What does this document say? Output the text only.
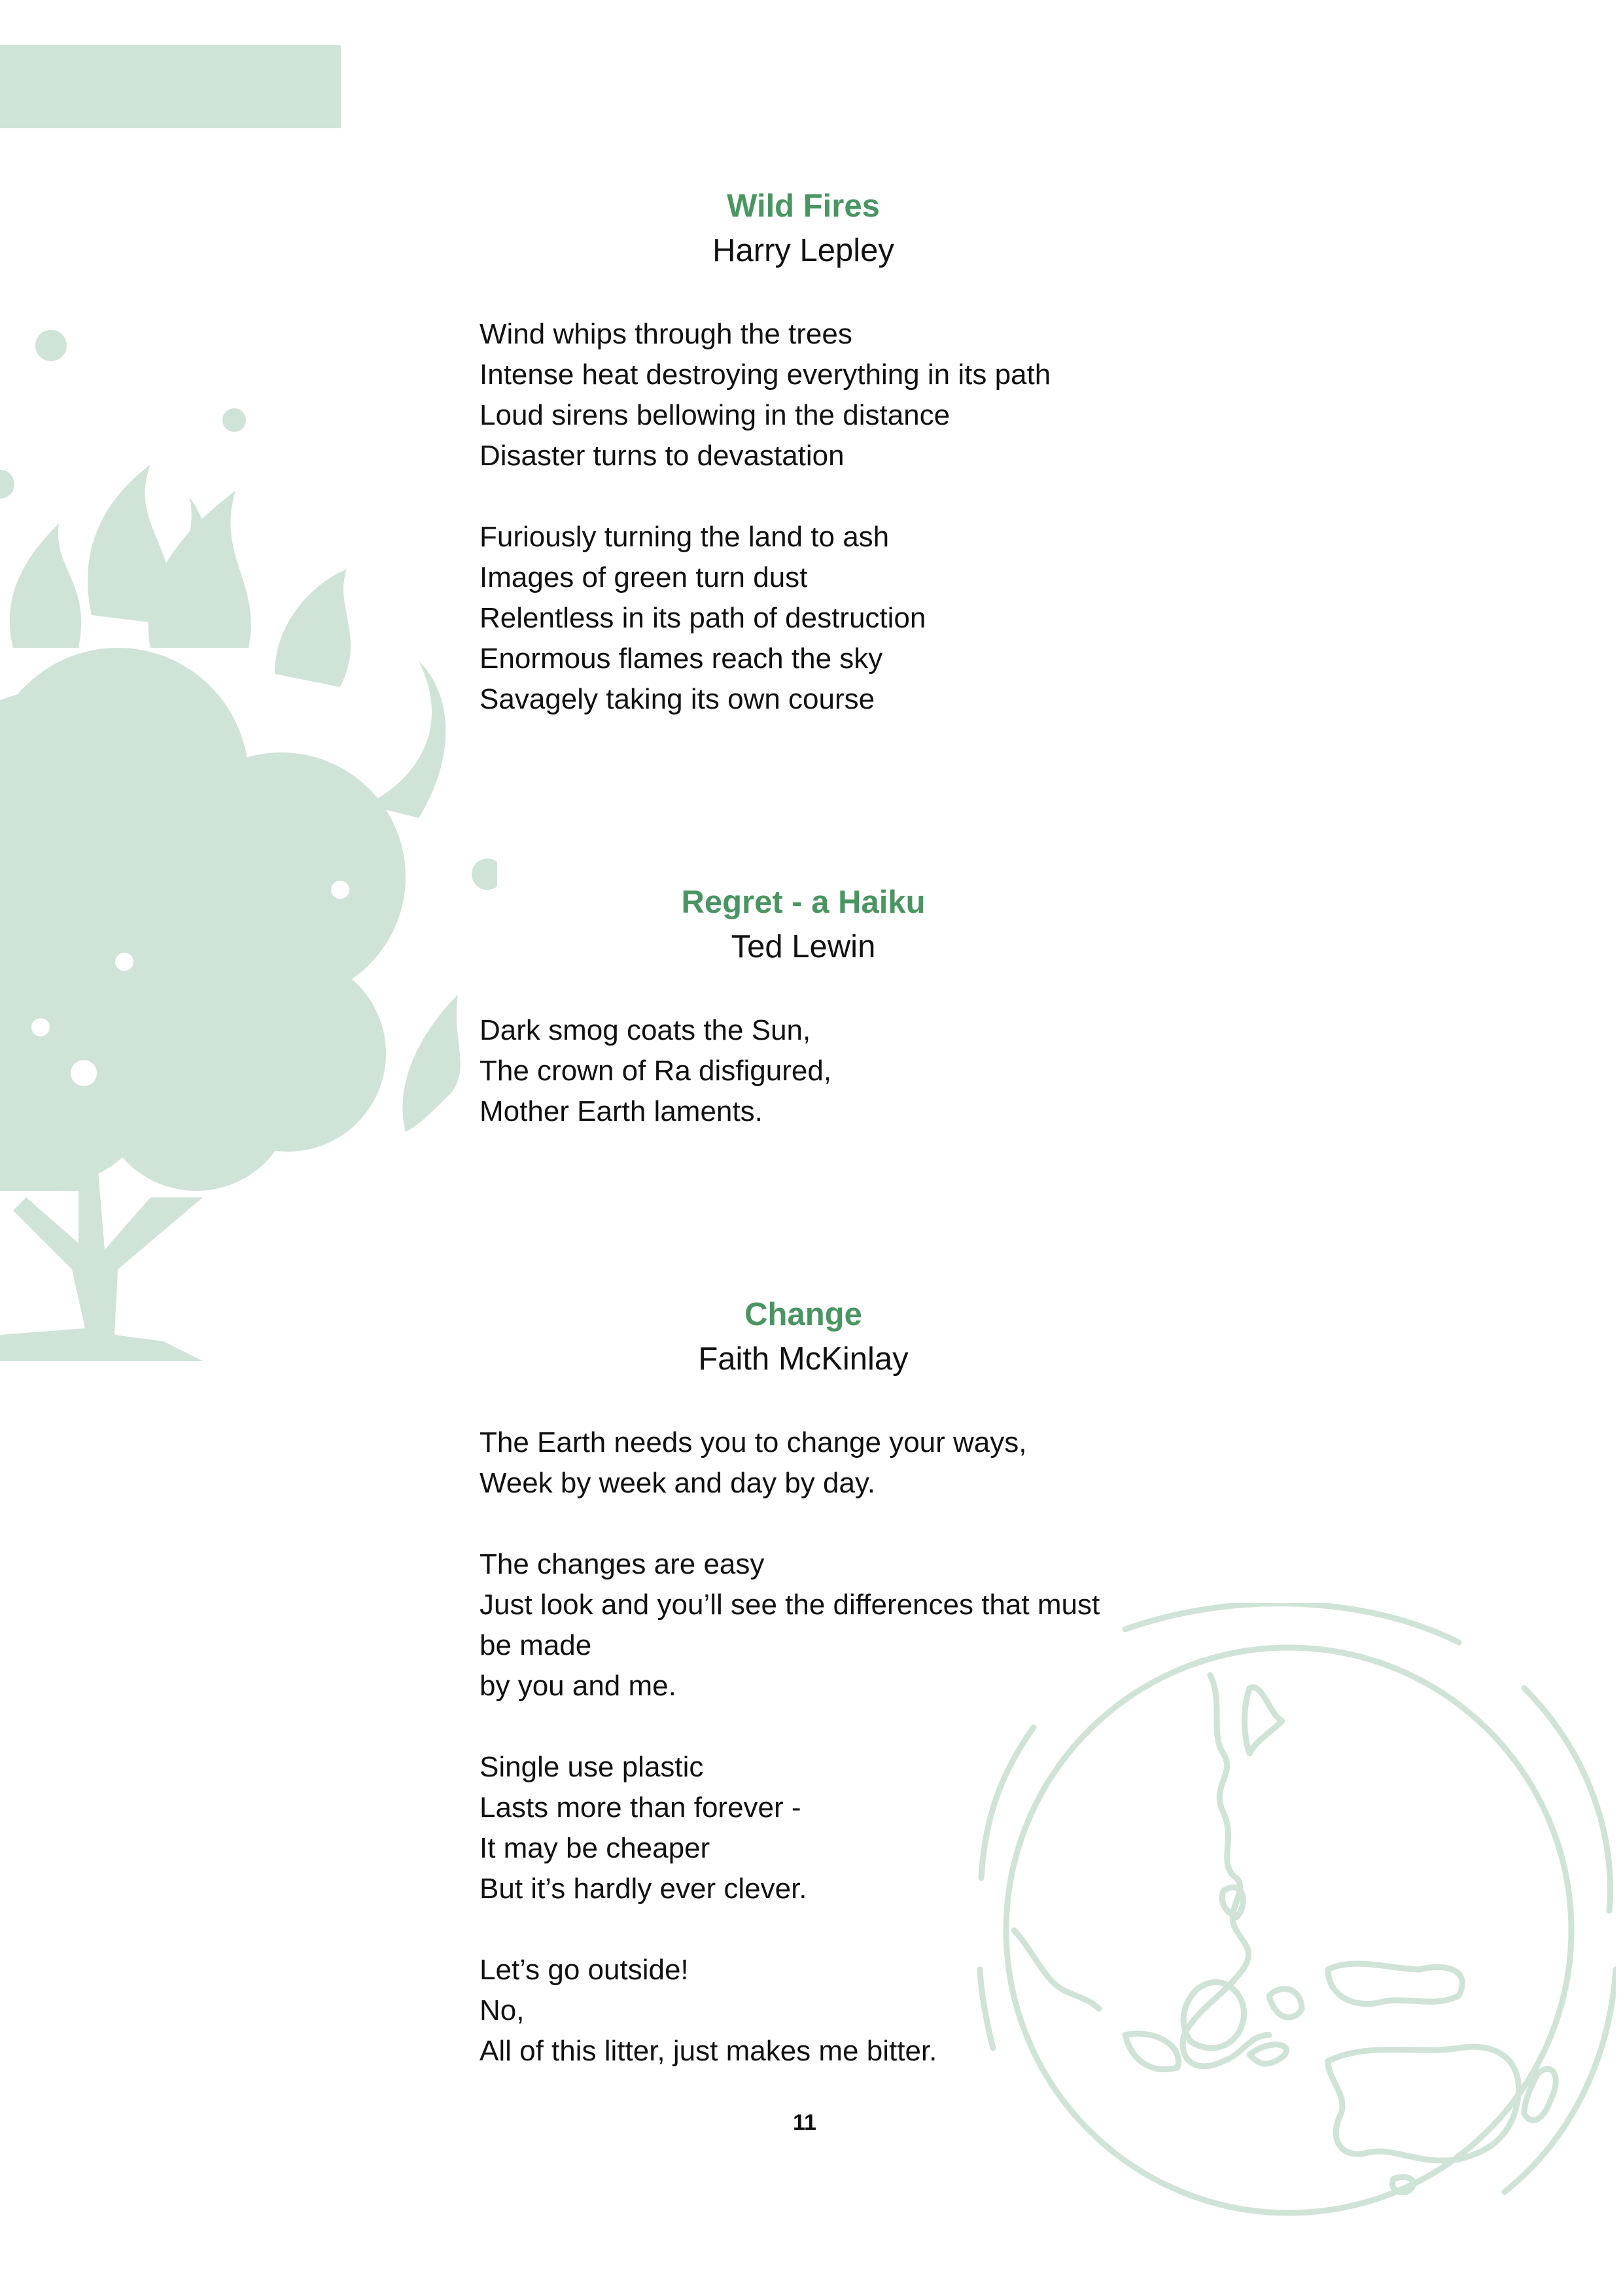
Wild Fires

Harry Lepley

Wind whips through the trees
Intense heat destroying everything in its path
Loud sirens bellowing in the distance
Disaster turns to devastation
Furiously turning the land to ash
Images of green turn dust
Relentless in its path of destruction
Enormous flames reach the sky
Savagely taking its own course

Regret - a Haiku

Ted Lewin

Dark smog coats the Sun,
The crown of Ra disfigured,
Mother Earth laments.

Change

Faith McKinlay

The Earth needs you to change your ways,
Week by week and day by day.
The changes are easy
Just look and you’ll see the differences that must
be made
by you and me.
Single use plastic
Lasts more than forever -
It may be cheaper
But it’s hardly ever clever.
Let’s go outside!
No,
All of this litter, just makes me bitter.
11
